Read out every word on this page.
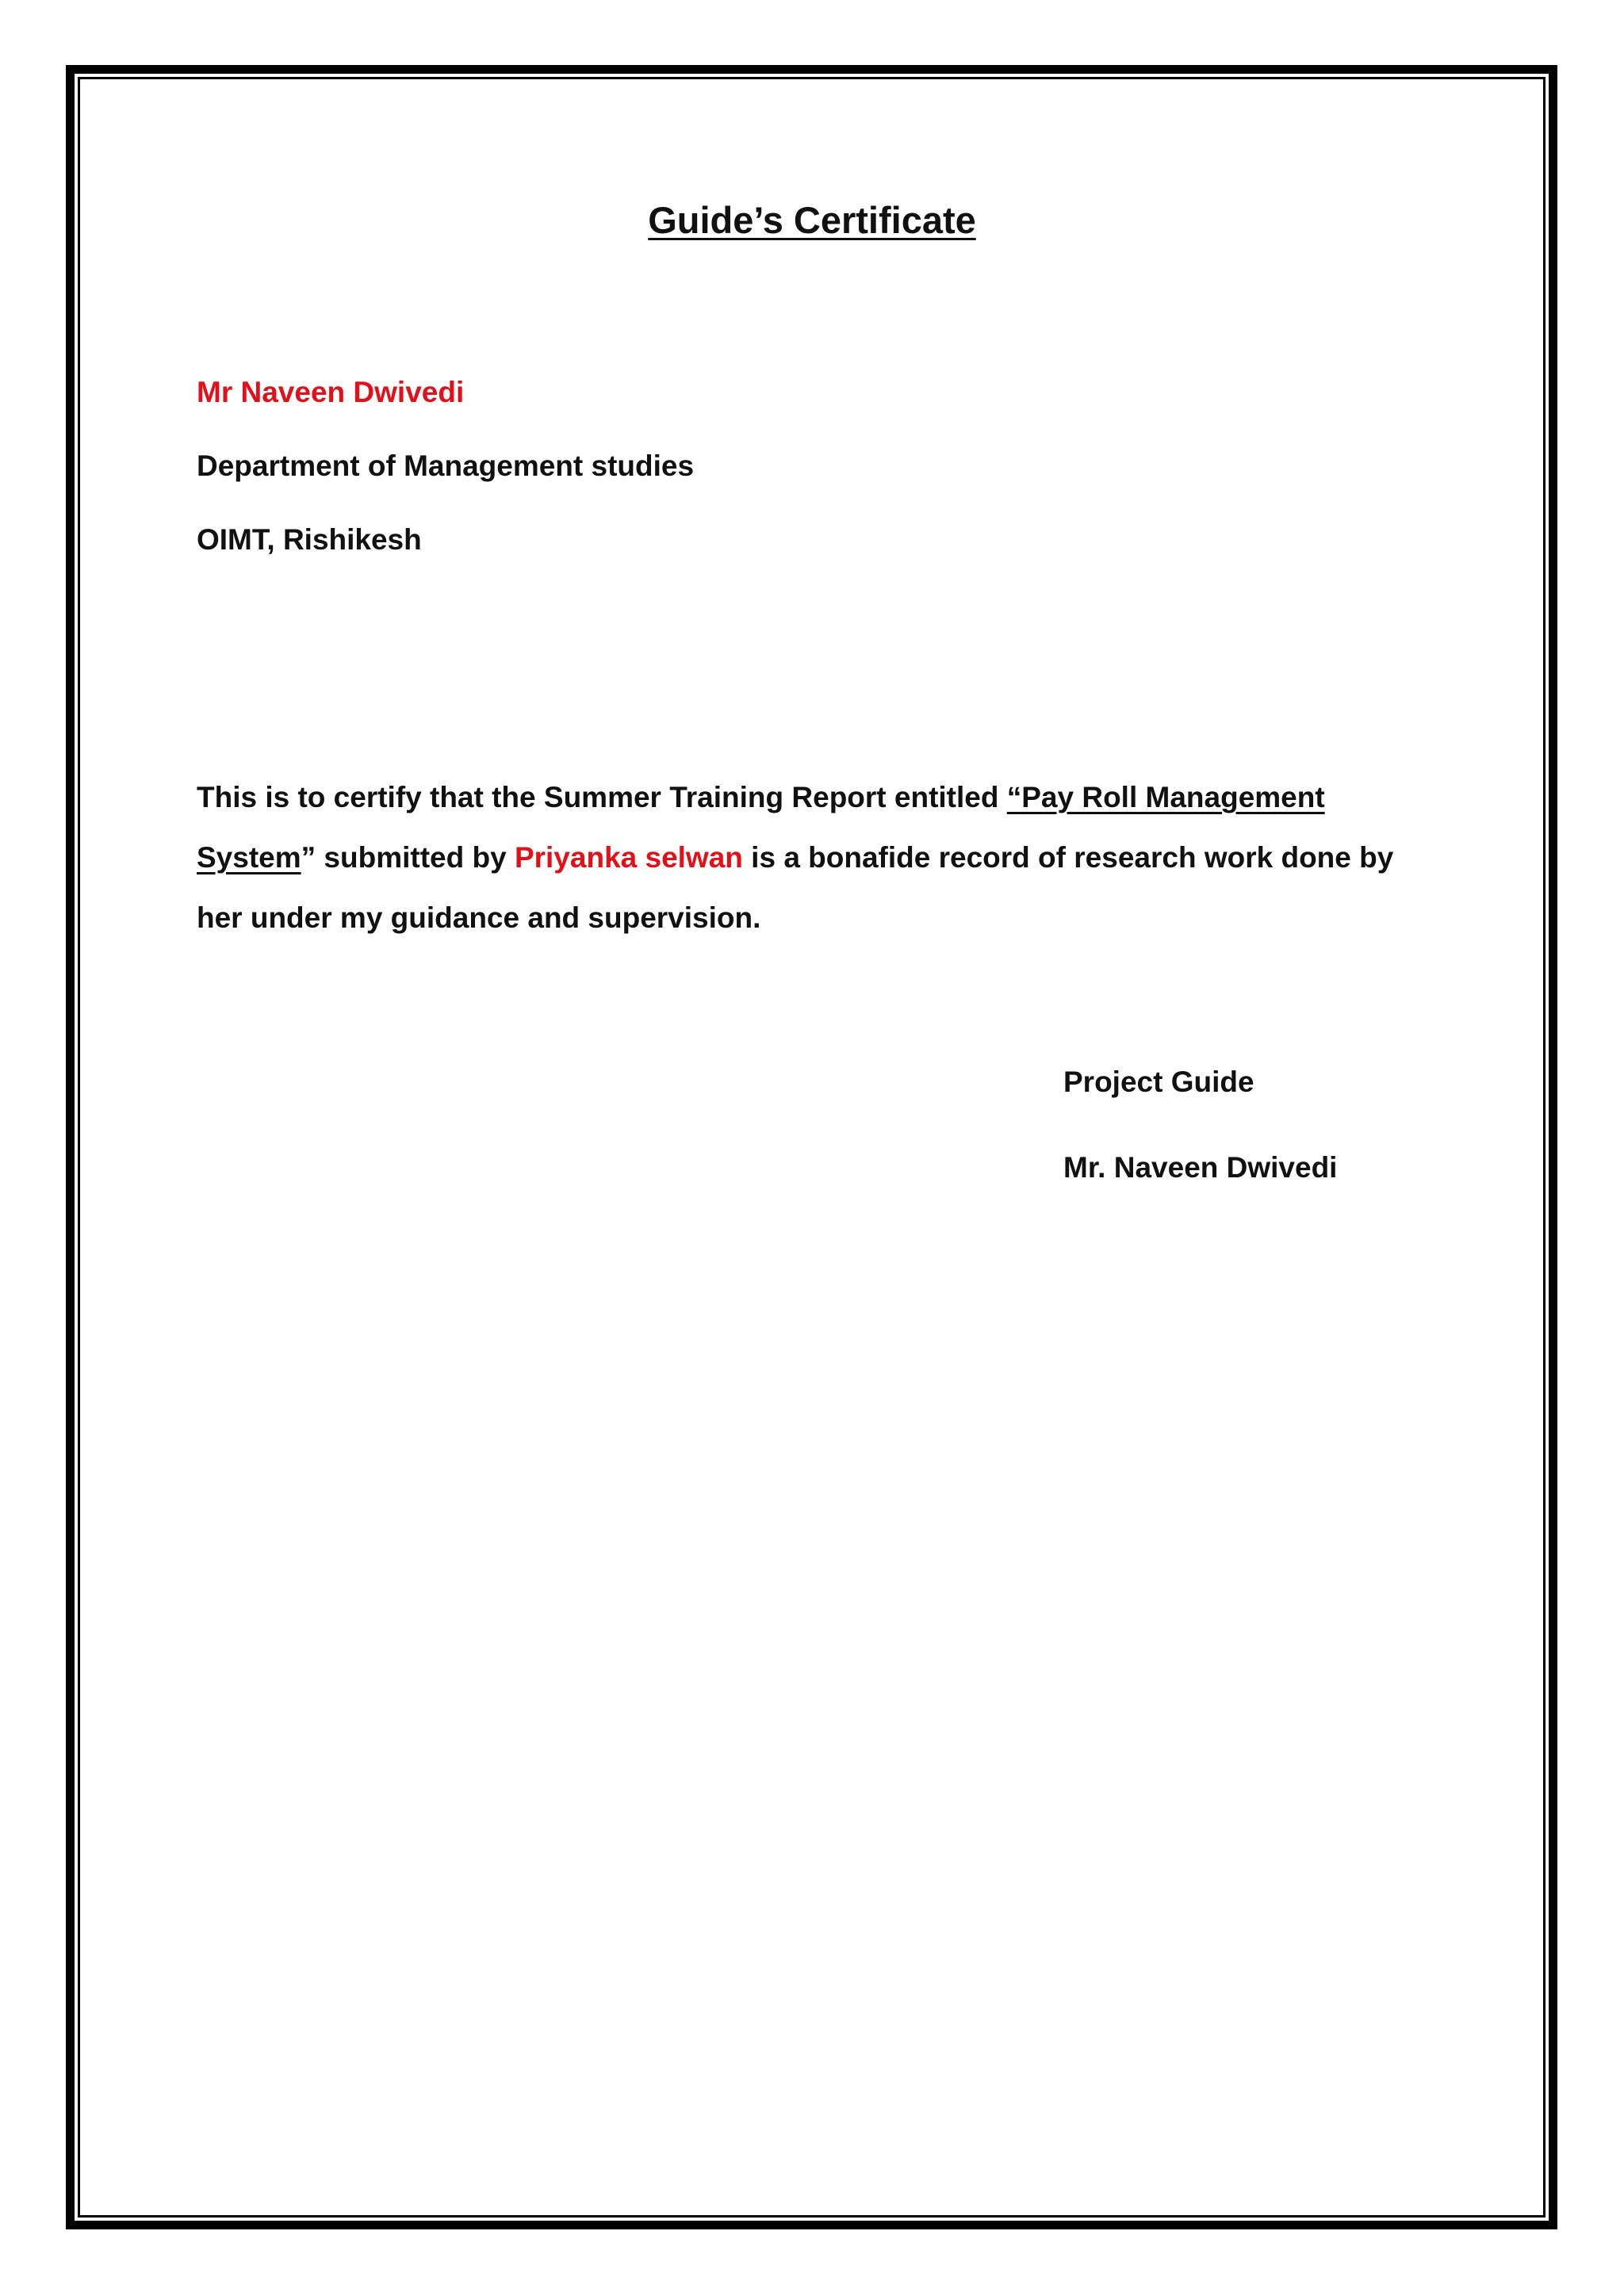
Guide’s Certificate
Mr Naveen Dwivedi
Department of Management studies
OIMT, Rishikesh

This is to certify that the Summer Training Report entitled “Pay Roll Management System” submitted by Priyanka selwan is a bonafide record of research work done by her under my guidance and supervision.

Project Guide
Mr. Naveen Dwivedi
